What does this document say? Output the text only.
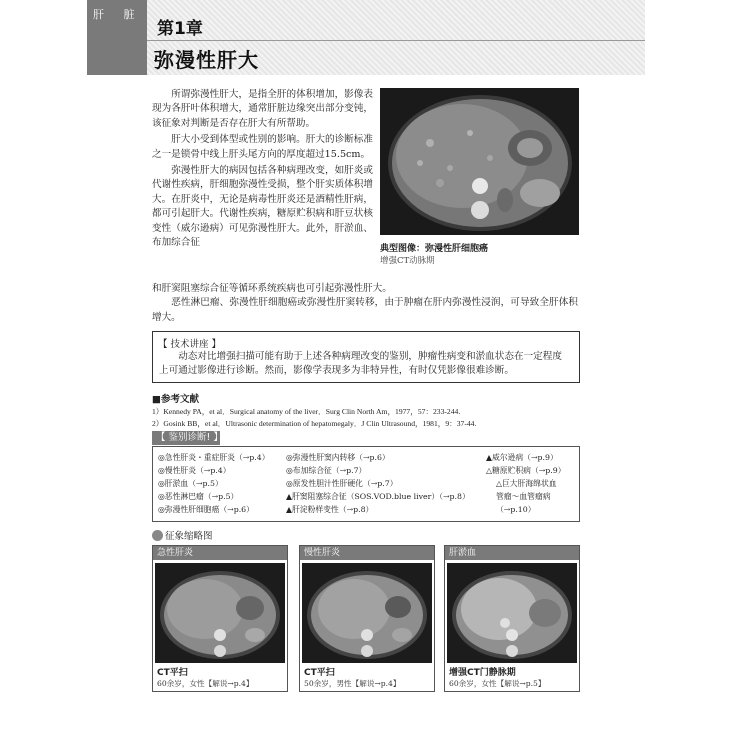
肝 脏
第1章
弥漫性肝大

所谓弥漫性肝大，是指全肝的体积增加，影像表现为各肝叶体积增大，通常肝脏边缘突出部分变钝，该征象对判断是否存在肝大有所帮助。

肝大小受到体型或性别的影响。肝大的诊断标准之一是锁骨中线上肝头尾方向的厚度超过15.5cm。

弥漫性肝大的病因包括各种病理改变，如肝炎或代谢性疾病，肝细胞弥漫性受损，整个肝实质体积增大。在肝炎中，无论是病毒性肝炎还是酒精性肝病，都可引起肝大。代谢性疾病，糖原贮积病和肝豆状核变性（威尔逊病）可见弥漫性肝大。此外，肝淤血、布加综合征

和肝窦阻塞综合征等循环系统疾病也可引起弥漫性肝大。

恶性淋巴瘤、弥漫性肝细胞癌或弥漫性肝窦转移，由于肿瘤在肝内弥漫性浸润，可导致全肝体积增大。

典型图像：弥漫性肝细胞癌
增强CT动脉期
【 技术讲座 】
动态对比增强扫描可能有助于上述各种病理改变的鉴别，肿瘤性病变和淤血状态在一定程度上可通过影像进行诊断。然而，影像学表现多为非特异性，有时仅凭影像很难诊断。
■参考文献
1）Kennedy PA，et al．Surgical anatomy of the liver．Surg Clin North Am，1977，57：233-244.
2）Gosink BB，et al．Ultrasonic determination of hepatomegaly．J Clin Ultrasound，1981，9：37-44.
【 鉴别诊断! 】
◎急性肝炎・重症肝炎（→p.4）
◎慢性肝炎（→p.4）
◎肝淤血（→p.5）
◎恶性淋巴瘤（→p.5）
◎弥漫性肝细胞癌（→p.6）
◎弥漫性肝窦内转移（→p.6）
◎布加综合征（→p.7）
◎原发性胆汁性肝硬化（→p.7）
▲肝窦阻塞综合征（SOS.VOD.blue liver）（→p.8）
▲肝淀粉样变性（→p.8）
▲威尔逊病（→p.9）
△糖原贮积病（→p.9）
△巨大肝海绵状血
管瘤～血管瘤病
（→p.10）
征象缩略图
急性肝炎
CT平扫
60余岁，女性【解说→p.4】
慢性肝炎
CT平扫
50余岁，男性【解说→p.4】
肝淤血
增强CT门静脉期
60余岁，女性【解说→p.5】
